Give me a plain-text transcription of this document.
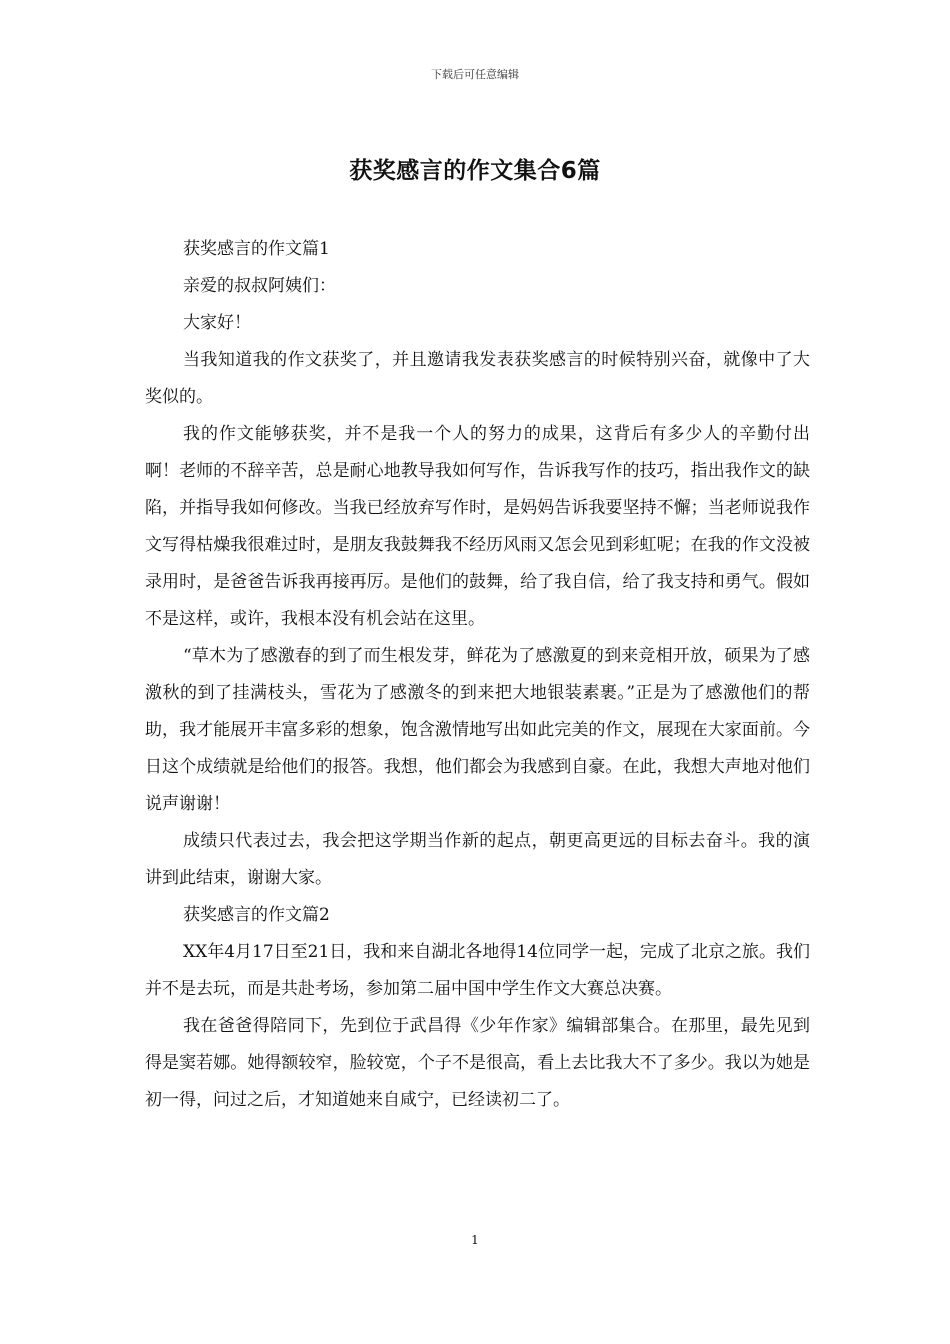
下载后可任意编辑
获奖感言的作文集合6篇

获奖感言的作文篇1

亲爱的叔叔阿姨们：

大家好！

当我知道我的作文获奖了，并且邀请我发表获奖感言的时候特别兴奋，就像中了大奖似的。

我的作文能够获奖，并不是我一个人的努力的成果，这背后有多少人的辛勤付出啊！老师的不辞辛苦，总是耐心地教导我如何写作，告诉我写作的技巧，指出我作文的缺陷，并指导我如何修改。当我已经放弃写作时，是妈妈告诉我要坚持不懈；当老师说我作文写得枯燥我很难过时，是朋友我鼓舞我不经历风雨又怎会见到彩虹呢；在我的作文没被录用时，是爸爸告诉我再接再厉。是他们的鼓舞，给了我自信，给了我支持和勇气。假如不是这样，或许，我根本没有机会站在这里。

“草木为了感激春的到了而生根发芽，鲜花为了感激夏的到来竞相开放，硕果为了感激秋的到了挂满枝头，雪花为了感激冬的到来把大地银装素裹。”正是为了感激他们的帮助，我才能展开丰富多彩的想象，饱含激情地写出如此完美的作文，展现在大家面前。今日这个成绩就是给他们的报答。我想，他们都会为我感到自豪。在此，我想大声地对他们说声谢谢！

成绩只代表过去，我会把这学期当作新的起点，朝更高更远的目标去奋斗。我的演讲到此结束，谢谢大家。

获奖感言的作文篇2

XX年4月17日至21日，我和来自湖北各地得14位同学一起，完成了北京之旅。我们并不是去玩，而是共赴考场，参加第二届中国中学生作文大赛总决赛。

我在爸爸得陪同下，先到位于武昌得《少年作家》编辑部集合。在那里，最先见到得是窦若娜。她得额较窄，脸较宽，个子不是很高，看上去比我大不了多少。我以为她是初一得，问过之后，才知道她来自咸宁，已经读初二了。

1
